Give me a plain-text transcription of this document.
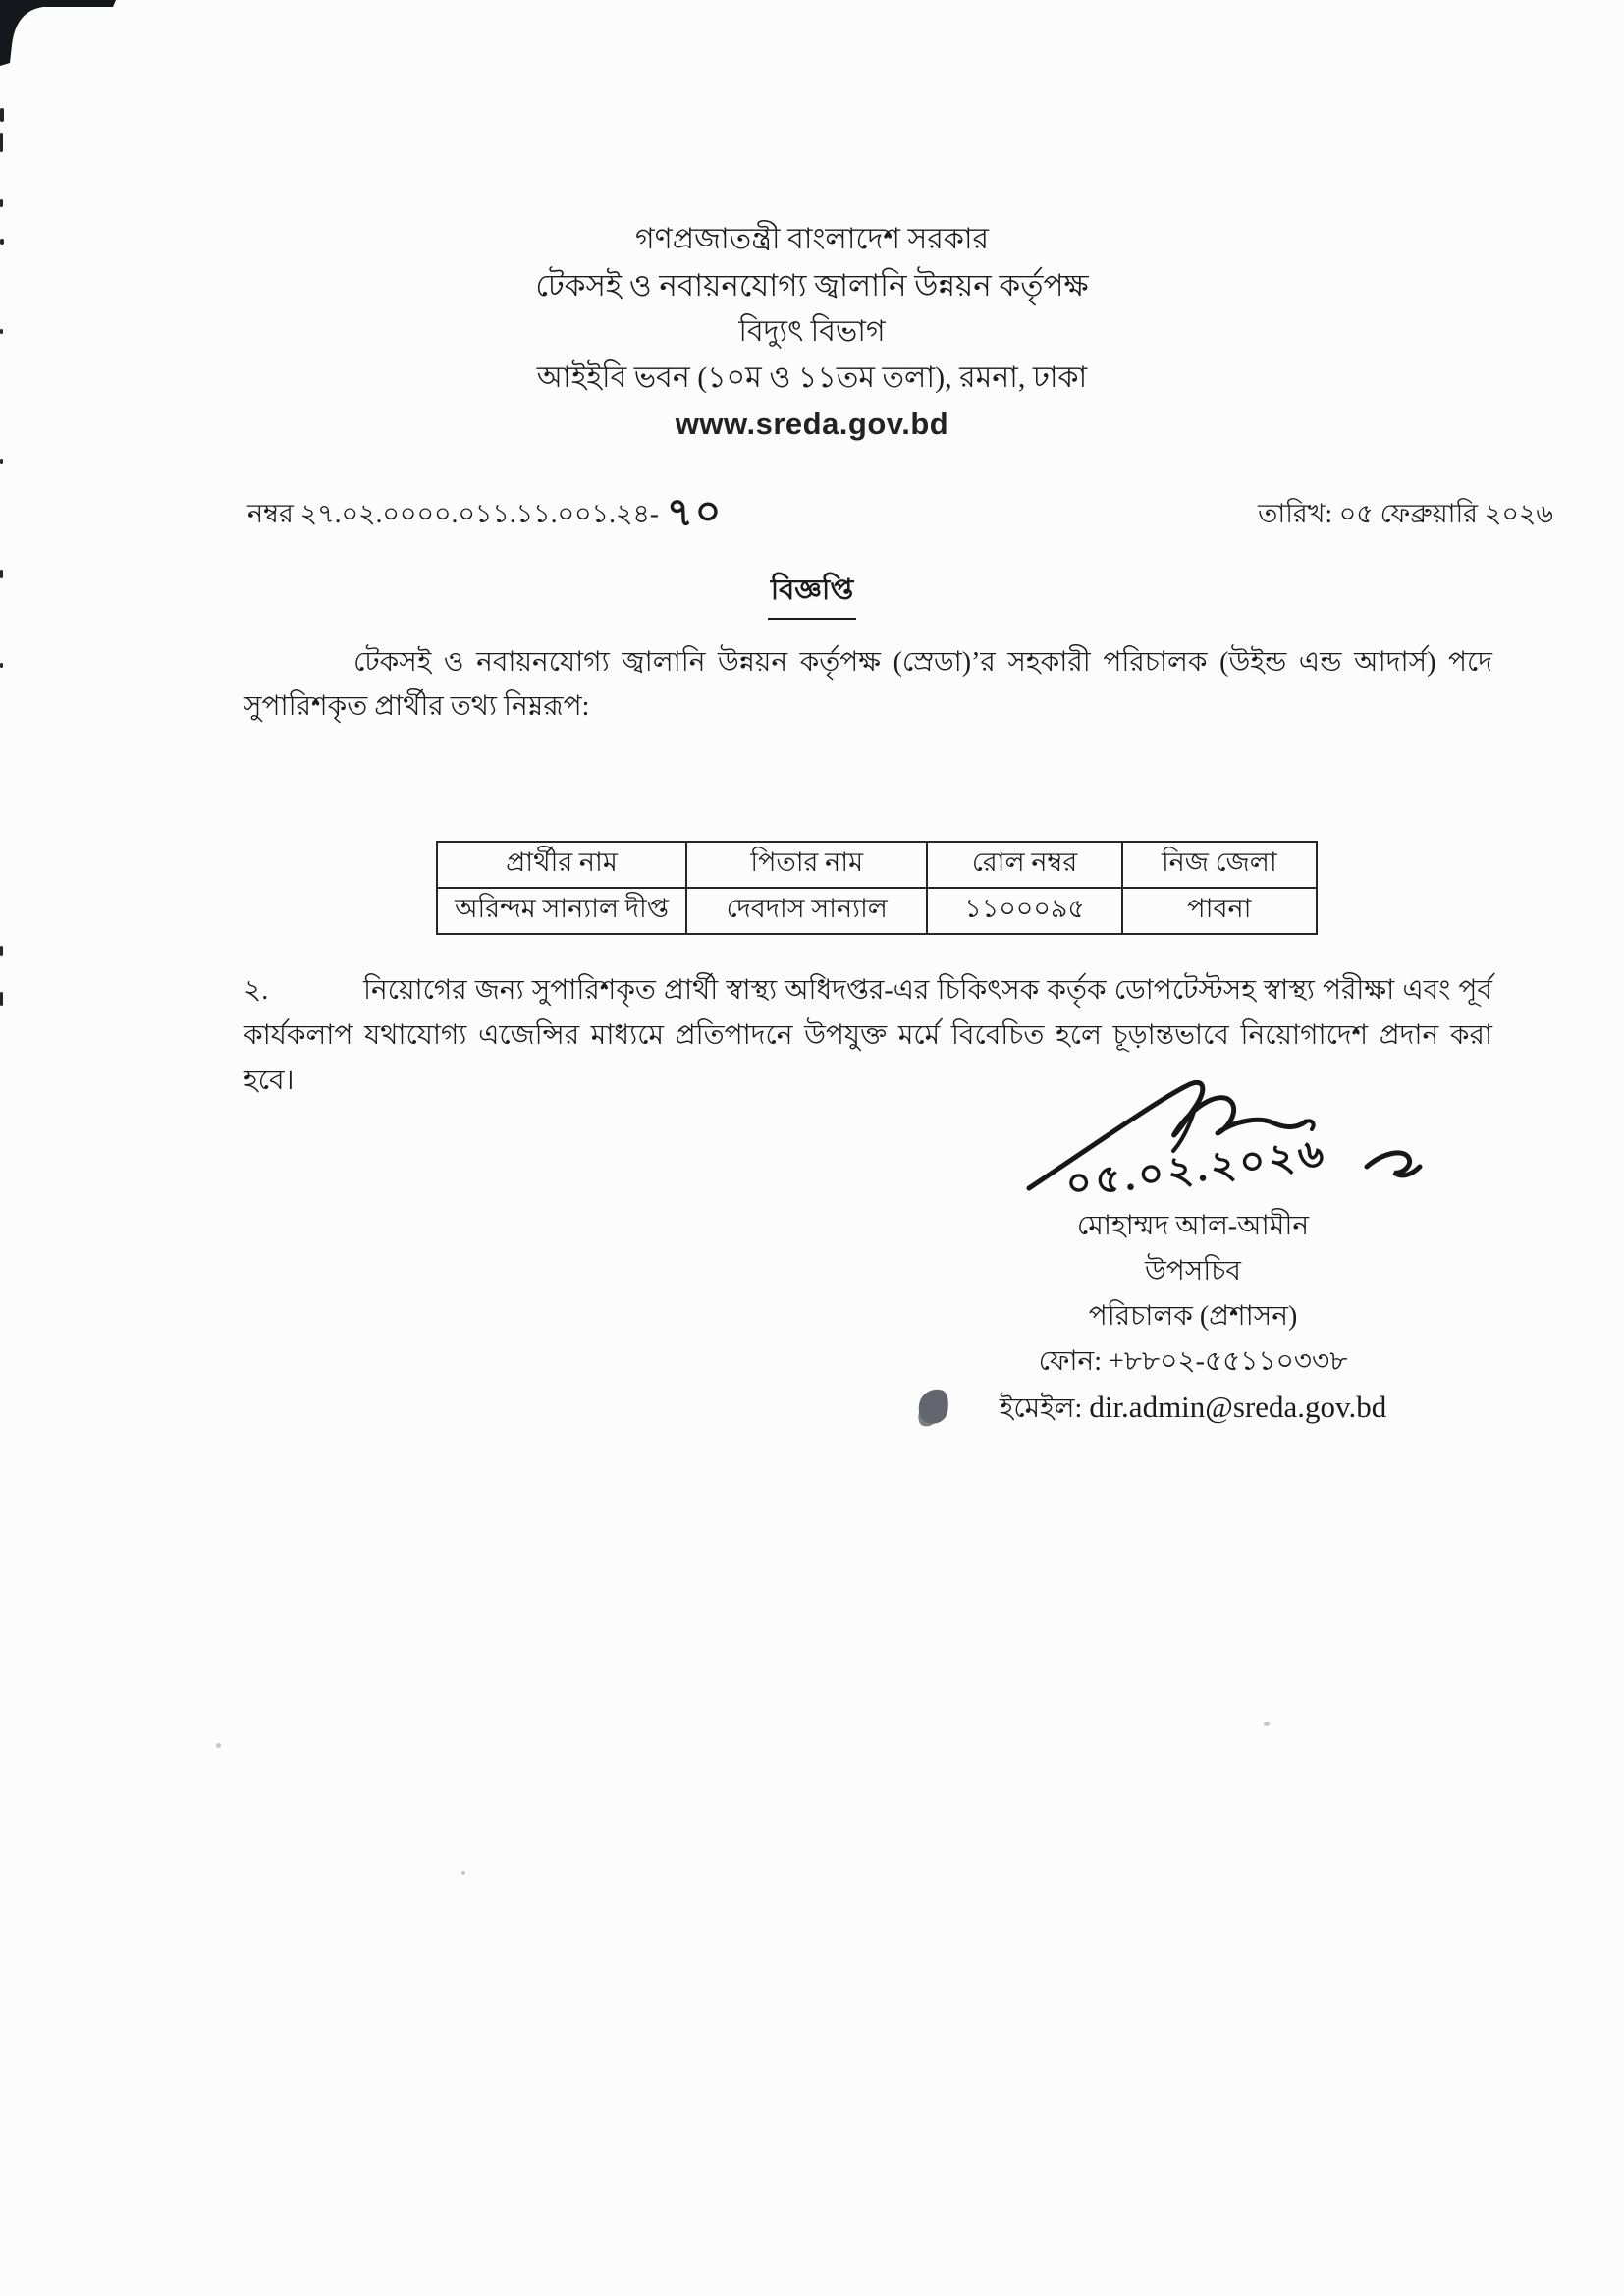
গণপ্রজাতন্ত্রী বাংলাদেশ সরকার
টেকসই ও নবায়নযোগ্য জ্বালানি উন্নয়ন কর্তৃপক্ষ
বিদ্যুৎ বিভাগ
আইইবি ভবন (১০ম ও ১১তম তলা), রমনা, ঢাকা
www.sreda.gov.bd
নম্বর ২৭.০২.০০০০.০১১.১১.০০১.২৪- ৭০	তারিখ: ০৫ ফেব্রুয়ারি ২০২৬
বিজ্ঞপ্তি

টেকসই ও নবায়নযোগ্য জ্বালানি উন্নয়ন কর্তৃপক্ষ (স্রেডা)’র সহকারী পরিচালক (উইন্ড এন্ড আদার্স) পদে সুপারিশকৃত প্রার্থীর তথ্য নিম্নরূপ:

প্রার্থীর নাম	পিতার নাম	রোল নম্বর	নিজ জেলা
অরিন্দম সান্যাল দীপ্ত	দেবদাস সান্যাল	১১০০০৯৫	পাবনা

২.	নিয়োগের জন্য সুপারিশকৃত প্রার্থী স্বাস্থ্য অধিদপ্তর-এর চিকিৎসক কর্তৃক ডোপটেস্টসহ স্বাস্থ্য পরীক্ষা এবং পূর্ব কার্যকলাপ যথাযোগ্য এজেন্সির মাধ্যমে প্রতিপাদনে উপযুক্ত মর্মে বিবেচিত হলে চূড়ান্তভাবে নিয়োগাদেশ প্রদান করা হবে।

০৫.০২.২০২৬
মোহাম্মদ আল-আমীন
উপসচিব
পরিচালক (প্রশাসন)
ফোন: +৮৮০২-৫৫১১০৩৩৮
ইমেইল: dir.admin@sreda.gov.bd
